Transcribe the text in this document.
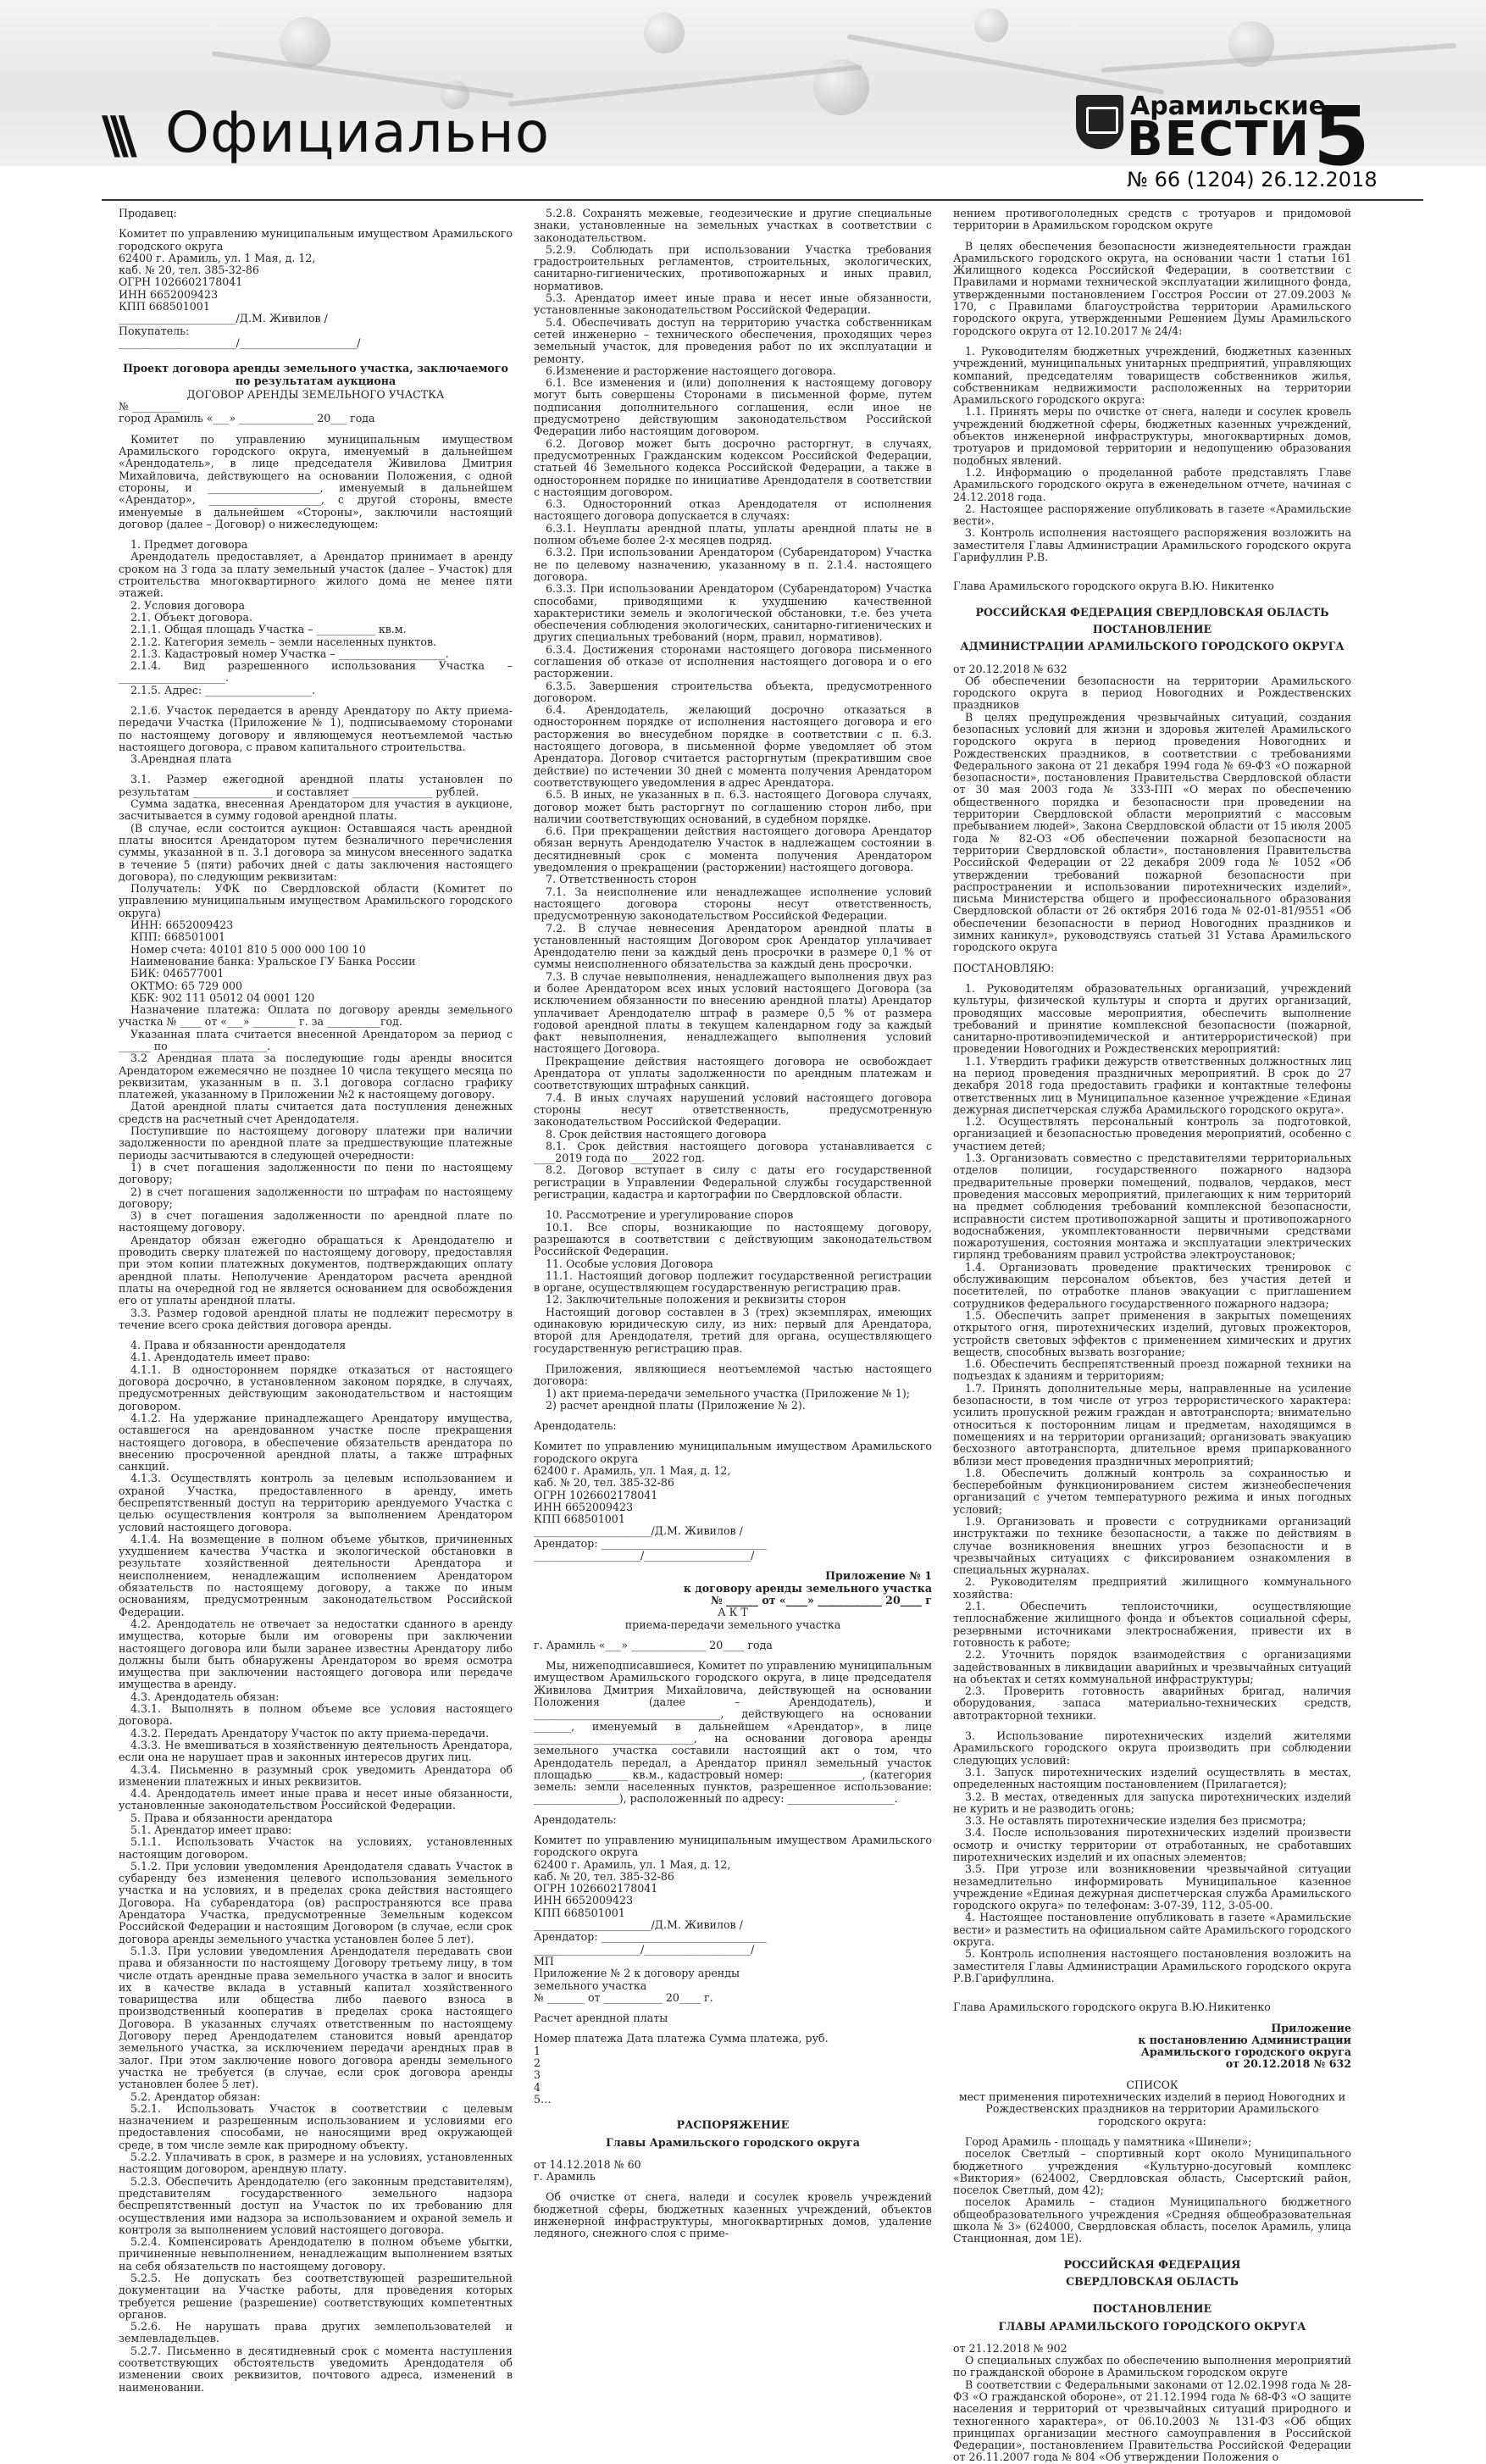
\\\ Официально	Арамильские
ВЕСТИ 5
№ 66 (1204) 26.12.2018

Продавец:

Комитет по управлению муниципальным имуществом Арамильского городского округа

62400 г. Арамиль, ул. 1 Мая, д. 12,

каб. № 20, тел. 385-32-86

ОГРН 1026602178041

ИНН 6652009423

КПП 668501001

______________________/Д.М. Живилов /

Покупатель:

______________________/______________________/

Проект договора аренды земельного участка, заключаемого по результатам аукциона

ДОГОВОР АРЕНДЫ ЗЕМЕЛЬНОГО УЧАСТКА

№ _________

город Арамиль «___» ______________ 20___ года

Комитет по управлению муниципальным имуществом Арамильского городского округа, именуемый в дальнейшем «Арендодатель», в лице председателя Живилова Дмитрия Михайловича, действующего на основании Положения, с одной стороны, и _____________________, именуемый в дальнейшем «Арендатор», _____________________, с другой стороны, вместе именуемые в дальнейшем «Стороны», заключили настоящий договор (далее – Договор) о нижеследующем:

1. Предмет договора

Арендодатель предоставляет, а Арендатор принимает в аренду сроком на 3 года за плату земельный участок (далее – Участок) для строительства многоквартирного жилого дома не менее пяти этажей.

2. Условия договора

2.1. Объект договора.

2.1.1. Общая площадь Участка – ___________ кв.м.

2.1.2. Категория земель – земли населенных пунктов.

2.1.3. Кадастровый номер Участка – ____________________.

2.1.4. Вид разрешенного использования Участка – ____________________.

2.1.5. Адрес: ____________________.

2.1.6. Участок передается в аренду Арендатору по Акту приема-передачи Участка (Приложение № 1), подписываемому сторонами по настоящему договору и являющемуся неотъемлемой частью настоящего договора, с правом капитального строительства.

3.Арендная плата

3.1. Размер ежегодной арендной платы установлен по результатам _______________ и составляет _______________ рублей.

Сумма задатка, внесенная Арендатором для участия в аукционе, засчитывается в сумму годовой арендной платы.

(В случае, если состоится аукцион: Оставшаяся часть арендной платы вносится Арендатором путем безналичного перечисления суммы, указанной в п. 3.1 договора за минусом внесенного задатка в течение 5 (пяти) рабочих дней с даты заключения настоящего договора), по следующим реквизитам:

Получатель: УФК по Свердловской области (Комитет по управлению муниципальным имуществом Арамильского городского округа)

ИНН: 6652009423

КПП: 668501001

Номер счета: 40101 810 5 000 000 100 10

Наименование банка: Уральское ГУ Банка России

БИК: 046577001

ОКТМО: 65 729 000

КБК: 902 111 05012 04 0001 120

Назначение платежа: Оплата по договору аренды земельного участка № ____ от «___» ________ г. за __________год.

Указанная плата считается внесенной Арендатором за период с ______ по __________________.

3.2 Арендная плата за последующие годы аренды вносится Арендатором ежемесячно не позднее 10 числа текущего месяца по реквизитам, указанным в п. 3.1 договора согласно графику платежей, указанному в Приложении №2 к настоящему договору.

Датой арендной платы считается дата поступления денежных средств на расчетный счет Арендодателя.

Поступившие по настоящему договору платежи при наличии задолженности по арендной плате за предшествующие платежные периоды засчитываются в следующей очередности:

1) в счет погашения задолженности по пени по настоящему договору;

2) в счет погашения задолженности по штрафам по настоящему договору;

3) в счет погашения задолженности по арендной плате по настоящему договору.

Арендатор обязан ежегодно обращаться к Арендодателю и проводить сверку платежей по настоящему договору, предоставляя при этом копии платежных документов, подтверждающих оплату арендной платы. Неполучение Арендатором расчета арендной платы на очередной год не является основанием для освобождения его от уплаты арендной платы.

3.3. Размер годовой арендной платы не подлежит пересмотру в течение всего срока действия договора аренды.

4. Права и обязанности арендодателя

4.1. Арендодатель имеет право:

4.1.1. В одностороннем порядке отказаться от настоящего договора досрочно, в установленном законом порядке, в случаях, предусмотренных действующим законодательством и настоящим договором.

4.1.2. На удержание принадлежащего Арендатору имущества, оставшегося на арендованном участке после прекращения настоящего договора, в обеспечение обязательств арендатора по внесению просроченной арендной платы, а также штрафных санкций.

4.1.3. Осуществлять контроль за целевым использованием и охраной Участка, предоставленного в аренду, иметь беспрепятственный доступ на территорию арендуемого Участка с целью осуществления контроля за выполнением Арендатором условий настоящего договора.

4.1.4. На возмещение в полном объеме убытков, причиненных ухудшением качества Участка и экологической обстановки в результате хозяйственной деятельности Арендатора и неисполнением, ненадлежащим исполнением Арендатором обязательств по настоящему договору, а также по иным основаниям, предусмотренным законодательством Российской Федерации.

4.2. Арендодатель не отвечает за недостатки сданного в аренду имущества, которые были им оговорены при заключении настоящего договора или были заранее известны Арендатору либо должны были быть обнаружены Арендатором во время осмотра имущества при заключении настоящего договора или передаче имущества в аренду.

4.3. Арендодатель обязан:

4.3.1. Выполнять в полном объеме все условия настоящего договора.

4.3.2. Передать Арендатору Участок по акту приема-передачи.

4.3.3. Не вмешиваться в хозяйственную деятельность Арендатора, если она не нарушает прав и законных интересов других лиц.

4.3.4. Письменно в разумный срок уведомить Арендатора об изменении платежных и иных реквизитов.

4.4. Арендодатель имеет иные права и несет иные обязанности, установленные законодательством Российской Федерации.

5. Права и обязанности арендатора

5.1. Арендатор имеет право:

5.1.1. Использовать Участок на условиях, установленных настоящим договором.

5.1.2. При условии уведомления Арендодателя сдавать Участок в субаренду без изменения целевого использования земельного участка и на условиях, и в пределах срока действия настоящего Договора. На субарендатора (ов) распространяются все права Арендатора Участка, предусмотренные Земельным кодексом Российской Федерации и настоящим Договором (в случае, если срок договора аренды земельного участка установлен более 5 лет).

5.1.3. При условии уведомления Арендодателя передавать свои права и обязанности по настоящему Договору третьему лицу, в том числе отдать арендные права земельного участка в залог и вносить их в качестве вклада в уставный капитал хозяйственного товарищества или общества либо паевого взноса в производственный кооператив в пределах срока настоящего Договора. В указанных случаях ответственным по настоящему Договору перед Арендодателем становится новый арендатор земельного участка, за исключением передачи арендных прав в залог. При этом заключение нового договора аренды земельного участка не требуется (в случае, если срок договора аренды установлен более 5 лет).

5.2. Арендатор обязан:

5.2.1. Использовать Участок в соответствии с целевым назначением и разрешенным использованием и условиями его предоставления способами, не наносящими вред окружающей среде, в том числе земле как природному объекту.

5.2.2. Уплачивать в срок, в размере и на условиях, установленных настоящим договором, арендную плату.

5.2.3. Обеспечить Арендодателю (его законным представителям), представителям государственного земельного надзора беспрепятственный доступ на Участок по их требованию для осуществления ими надзора за использованием и охраной земель и контроля за выполнением условий настоящего договора.

5.2.4. Компенсировать Арендодателю в полном объеме убытки, причиненные невыполнением, ненадлежащим выполнением взятых на себя обязательств по настоящему договору.

5.2.5. Не допускать без соответствующей разрешительной документации на Участке работы, для проведения которых требуется решение (разрешение) соответствующих компетентных органов.

5.2.6. Не нарушать права других землепользователей и землевладельцев.

5.2.7. Письменно в десятидневный срок с момента наступления соответствующих обстоятельств уведомить Арендодателя об изменении своих реквизитов, почтового адреса, изменений в наименовании.

5.2.8. Сохранять межевые, геодезические и другие специальные знаки, установленные на земельных участках в соответствии с законодательством.

5.2.9. Соблюдать при использовании Участка требования градостроительных регламентов, строительных, экологических, санитарно-гигиенических, противопожарных и иных правил, нормативов.

5.3. Арендатор имеет иные права и несет иные обязанности, установленные законодательством Российской Федерации.

5.4. Обеспечивать доступ на территорию участка собственникам сетей инженерно – технического обеспечения, проходящих через земельный участок, для проведения работ по их эксплуатации и ремонту.

6.Изменение и расторжение настоящего договора.

6.1. Все изменения и (или) дополнения к настоящему договору могут быть совершены Сторонами в письменной форме, путем подписания дополнительного соглашения, если иное не предусмотрено действующим законодательством Российской Федерации либо настоящим договором.

6.2. Договор может быть досрочно расторгнут, в случаях, предусмотренных Гражданским кодексом Российской Федерации, статьей 46 Земельного кодекса Российской Федерации, а также в одностороннем порядке по инициативе Арендодателя в соответствии с настоящим договором.

6.3. Односторонний отказ Арендодателя от исполнения настоящего договора допускается в случаях:

6.3.1. Неуплаты арендной платы, уплаты арендной платы не в полном объеме более 2-х месяцев подряд.

6.3.2. При использовании Арендатором (Субарендатором) Участка не по целевому назначению, указанному в п. 2.1.4. настоящего договора.

6.3.3. При использовании Арендатором (Субарендатором) Участка способами, приводящими к ухудшению качественной характеристики земель и экологической обстановки, т.е. без учета обеспечения соблюдения экологических, санитарно-гигиенических и других специальных требований (норм, правил, нормативов).

6.3.4. Достижения сторонами настоящего договора письменного соглашения об отказе от исполнения настоящего договора и о его расторжении.

6.3.5. Завершения строительства объекта, предусмотренного договором.

6.4. Арендодатель, желающий досрочно отказаться в одностороннем порядке от исполнения настоящего договора и его расторжения во внесудебном порядке в соответствии с п. 6.3. настоящего договора, в письменной форме уведомляет об этом Арендатора. Договор считается расторгнутым (прекратившим свое действие) по истечении 30 дней с момента получения Арендатором соответствующего уведомления в адрес Арендатора.

6.5. В иных, не указанных в п. 6.3. настоящего Договора случаях, договор может быть расторгнут по соглашению сторон либо, при наличии соответствующих оснований, в судебном порядке.

6.6. При прекращении действия настоящего договора Арендатор обязан вернуть Арендодателю Участок в надлежащем состоянии в десятидневный срок с момента получения Арендатором уведомления о прекращении (расторжении) настоящего договора.

7. Ответственность сторон

7.1. За неисполнение или ненадлежащее исполнение условий настоящего договора стороны несут ответственность, предусмотренную законодательством Российской Федерации.

7.2. В случае невнесения Арендатором арендной платы в установленный настоящим Договором срок Арендатор уплачивает Арендодателю пени за каждый день просрочки в размере 0,1 % от суммы неисполненного обязательства за каждый день просрочки.

7.3. В случае невыполнения, ненадлежащего выполнения двух раз и более Арендатором всех иных условий настоящего Договора (за исключением обязанности по внесению арендной платы) Арендатор уплачивает Арендодателю штраф в размере 0,5 % от размера годовой арендной платы в текущем календарном году за каждый факт невыполнения, ненадлежащего выполнения условий настоящего Договора.

Прекращение действия настоящего договора не освобождает Арендатора от уплаты задолженности по арендным платежам и соответствующих штрафных санкций.

7.4. В иных случаях нарушений условий настоящего договора стороны несут ответственность, предусмотренную законодательством Российской Федерации.

8. Срок действия настоящего договора

8.1. Срок действия настоящего договора устанавливается с ____2019 года по ____2022 год.

8.2. Договор вступает в силу с даты его государственной регистрации в Управлении Федеральной службы государственной регистрации, кадастра и картографии по Свердловской области.

10. Рассмотрение и урегулирование споров

10.1. Все споры, возникающие по настоящему договору, разрешаются в соответствии с действующим законодательством Российской Федерации.

11. Особые условия Договора

11.1. Настоящий договор подлежит государственной регистрации в органе, осуществляющем государственную регистрацию прав.

12. Заключительные положения и реквизиты сторон

Настоящий договор составлен в 3 (трех) экземплярах, имеющих одинаковую юридическую силу, из них: первый для Арендатора, второй для Арендодателя, третий для органа, осуществляющего государственную регистрацию прав.

Приложения, являющиеся неотъемлемой частью настоящего договора:

1) акт приема-передачи земельного участка (Приложение № 1);

2) расчет арендной платы (Приложение № 2).

Арендодатель:

Комитет по управлению муниципальным имуществом Арамильского городского округа

62400 г. Арамиль, ул. 1 Мая, д. 12,

каб. № 20, тел. 385-32-86

ОГРН 1026602178041

ИНН 6652009423

КПП 668501001

______________________/Д.М. Живилов /

Арендатор: _______________________________

____________________/____________________/

Приложение № 1

к договору аренды земельного участка

№ ______ от «____» ____________ 20____ г

А К Т

приема-передачи земельного участка

г. Арамиль «___» ______________ 20____ года

Мы, нижеподписавшиеся, Комитет по управлению муниципальным имуществом Арамильского городского округа, в лице председателя Живилова Дмитрия Михайловича, действующей на основании Положения (далее – Арендодатель), и ___________________________________, действующего на основании _______, именуемый в дальнейшем «Арендатор», в лице ______________________________, на основании договора аренды земельного участка составили настоящий акт о том, что Арендодатель передал, а Арендатор принял земельный участок площадью ______ кв.м., кадастровый номер: ______________, (категория земель: земли населенных пунктов, разрешенное использование: ________________), расположенный по адресу: ____________________.

Арендодатель:

Комитет по управлению муниципальным имуществом Арамильского городского округа

62400 г. Арамиль, ул. 1 Мая, д. 12,

каб. № 20, тел. 385-32-86

ОГРН 1026602178041

ИНН 6652009423

КПП 668501001

______________________/Д.М. Живилов /

Арендатор: _______________________________

____________________/____________________/

МП

Приложение № 2 к договору аренды

земельного участка

№ _______ от ___________ 20____ г.

Расчет арендной платы

Номер платежа Дата платежа Сумма платежа, руб.

1

2

3

4

5…

РАСПОРЯЖЕНИЕ

Главы Арамильского городского округа

от 14.12.2018 № 60

г. Арамиль

Об очистке от снега, наледи и сосулек кровель учреждений бюджетной сферы, бюджетных казенных учреждений, объектов инженерной инфраструктуры, многоквартирных домов, удаление ледяного, снежного слоя с приме-

нением противогололедных средств с тротуаров и придомовой территории в Арамильском городском округе

В целях обеспечения безопасности жизнедеятельности граждан Арамильского городского округа, на основании части 1 статьи 161 Жилищного кодекса Российской Федерации, в соответствии с Правилами и нормами технической эксплуатации жилищного фонда, утвержденными постановлением Госстроя России от 27.09.2003 № 170, с Правилами благоустройства территории Арамильского городского округа, утвержденными Решением Думы Арамильского городского округа от 12.10.2017 № 24/4:

1. Руководителям бюджетных учреждений, бюджетных казенных учреждений, муниципальных унитарных предприятий, управляющих компаний, председателям товариществ собственников жилья, собственникам недвижимости расположенных на территории Арамильского городского округа:

1.1. Принять меры по очистке от снега, наледи и сосулек кровель учреждений бюджетной сферы, бюджетных казенных учреждений, объектов инженерной инфраструктуры, многоквартирных домов, тротуаров и придомовой территории и недопущению образования подобных явлений.

1.2. Информацию о проделанной работе представлять Главе Арамильского городского округа в еженедельном отчете, начиная с 24.12.2018 года.

2. Настоящее распоряжение опубликовать в газете «Арамильские вести».

3. Контроль исполнения настоящего распоряжения возложить на заместителя Главы Администрации Арамильского городского округа Гарифуллин Р.В.

Глава Арамильского городского округа В.Ю. Никитенко

РОССИЙСКАЯ ФЕДЕРАЦИЯ СВЕРДЛОВСКАЯ ОБЛАСТЬ

ПОСТАНОВЛЕНИЕ

АДМИНИСТРАЦИИ АРАМИЛЬСКОГО ГОРОДСКОГО ОКРУГА

от 20.12.2018 № 632

Об обеспечении безопасности на территории Арамильского городского округа в период Новогодних и Рождественских праздников

В целях предупреждения чрезвычайных ситуаций, создания безопасных условий для жизни и здоровья жителей Арамильского городского округа в период проведения Новогодних и Рождественских праздников, в соответствии с требованиями Федерального закона от 21 декабря 1994 года № 69-ФЗ «О пожарной безопасности», постановления Правительства Свердловской области от 30 мая 2003 года № 333-ПП «О мерах по обеспечению общественного порядка и безопасности при проведении на территории Свердловской области мероприятий с массовым пребыванием людей», Закона Свердловской области от 15 июля 2005 года № 82-ОЗ «Об обеспечении пожарной безопасности на территории Свердловской области», постановления Правительства Российской Федерации от 22 декабря 2009 года № 1052 «Об утверждении требований пожарной безопасности при распространении и использовании пиротехнических изделий», письма Министерства общего и профессионального образования Свердловской области от 26 октября 2016 года № 02-01-81/9551 «Об обеспечении безопасности в период Новогодних праздников и зимних каникул», руководствуясь статьей 31 Устава Арамильского городского округа

ПОСТАНОВЛЯЮ:

1. Руководителям образовательных организаций, учреждений культуры, физической культуры и спорта и других организаций, проводящих массовые мероприятия, обеспечить выполнение требований и принятие комплексной безопасности (пожарной, санитарно-противоэпидемической и антитеррористической) при проведении Новогодних и Рождественских мероприятий:

1.1. Утвердить графики дежурств ответственных должностных лиц на период проведения праздничных мероприятий. В срок до 27 декабря 2018 года предоставить графики и контактные телефоны ответственных лиц в Муниципальное казенное учреждение «Единая дежурная диспетчерская служба Арамильского городского округа».

1.2. Осуществлять персональный контроль за подготовкой, организацией и безопасностью проведения мероприятий, особенно с участием детей;

1.3. Организовать совместно с представителями территориальных отделов полиции, государственного пожарного надзора предварительные проверки помещений, подвалов, чердаков, мест проведения массовых мероприятий, прилегающих к ним территорий на предмет соблюдения требований комплексной безопасности, исправности систем противопожарной защиты и противопожарного водоснабжения, укомплектованности первичными средствами пожаротушения, состояния монтажа и эксплуатации электрических гирлянд требованиям правил устройства электроустановок;

1.4. Организовать проведение практических тренировок с обслуживающим персоналом объектов, без участия детей и посетителей, по отработке планов эвакуации с приглашением сотрудников федерального государственного пожарного надзора;

1.5. Обеспечить запрет применения в закрытых помещениях открытого огня, пиротехнических изделий, дуговых прожекторов, устройств световых эффектов с применением химических и других веществ, способных вызвать возгорание;

1.6. Обеспечить беспрепятственный проезд пожарной техники на подъездах к зданиям и территориям;

1.7. Принять дополнительные меры, направленные на усиление безопасности, в том числе от угроз террористического характера: усилить пропускной режим граждан и автотранспорта; внимательно относиться к посторонним лицам и предметам, находящимся в помещениях и на территории организаций; организовать эвакуацию бесхозного автотранспорта, длительное время припаркованного вблизи мест проведения праздничных мероприятий;

1.8. Обеспечить должный контроль за сохранностью и бесперебойным функционированием систем жизнеобеспечения организаций с учетом температурного режима и иных погодных условий;

1.9. Организовать и провести с сотрудниками организаций инструктажи по технике безопасности, а также по действиям в случае возникновения внешних угроз безопасности и в чрезвычайных ситуациях с фиксированием ознакомления в специальных журналах.

2. Руководителям предприятий жилищного коммунального хозяйства:

2.1. Обеспечить теплоисточники, осуществляющие теплоснабжение жилищного фонда и объектов социальной сферы, резервными источниками электроснабжения, привести их в готовность к работе;

2.2. Уточнить порядок взаимодействия с организациями задействованных в ликвидации аварийных и чрезвычайных ситуаций на объектах и сетях коммунальной инфраструктуры;

2.3. Проверить готовность аварийных бригад, наличия оборудования, запаса материально-технических средств, автотракторной техники.

3. Использование пиротехнических изделий жителями Арамильского городского округа производить при соблюдении следующих условий:

3.1. Запуск пиротехнических изделий осуществлять в местах, определенных настоящим постановлением (Прилагается);

3.2. В местах, отведенных для запуска пиротехнических изделий не курить и не разводить огонь;

3.3. Не оставлять пиротехнические изделия без присмотра;

3.4. После использования пиротехнических изделий произвести осмотр и очистку территории от отработанных, не сработавших пиротехнических изделий и их опасных элементов;

3.5. При угрозе или возникновении чрезвычайной ситуации незамедлительно информировать Муниципальное казенное учреждение «Единая дежурная диспетчерская служба Арамильского городского округа» по телефонам: 3-07-39, 112, 3-05-00.

4. Настоящее постановление опубликовать в газете «Арамильские вести» и разместить на официальном сайте Арамильского городского округа.

5. Контроль исполнения настоящего постановления возложить на заместителя Главы Администрации Арамильского городского округа Р.В.Гарифуллина.

Глава Арамильского городского округа В.Ю.Никитенко

Приложение

к постановлению Администрации

Арамильского городского округа

от 20.12.2018 № 632

СПИСОК

мест применения пиротехнических изделий в период Новогодних и Рождественских праздников на территории Арамильского городского округа:

Город Арамиль - площадь у памятника «Шинели»;

поселок Светлый – спортивный корт около Муниципального бюджетного учреждения «Культурно-досуговый комплекс «Виктория» (624002, Свердловская область, Сысертский район, поселок Светлый, дом 42);

поселок Арамиль – стадион Муниципального бюджетного общеобразовательного учреждения «Средняя общеобразовательная школа № 3» (624000, Свердловская область, поселок Арамиль, улица Станционная, дом 1Е).

РОССИЙСКАЯ ФЕДЕРАЦИЯ

СВЕРДЛОВСКАЯ ОБЛАСТЬ

ПОСТАНОВЛЕНИЕ

ГЛАВЫ АРАМИЛЬСКОГО ГОРОДСКОГО ОКРУГА

от 21.12.2018 № 902

О специальных службах по обеспечению выполнения мероприятий по гражданской обороне в Арамильском городском округе

В соответствии с Федеральными законами от 12.02.1998 года № 28-ФЗ «О гражданской обороне», от 21.12.1994 года № 68-ФЗ «О защите населения и территорий от чрезвычайных ситуаций природного и техногенного характера», от 06.10.2003 № 131-ФЗ «Об общих принципах организации местного самоуправления в Российской Федерации», постановлением Правительства Российской Федерации от 26.11.2007 года № 804 «Об утверждении Положения о
